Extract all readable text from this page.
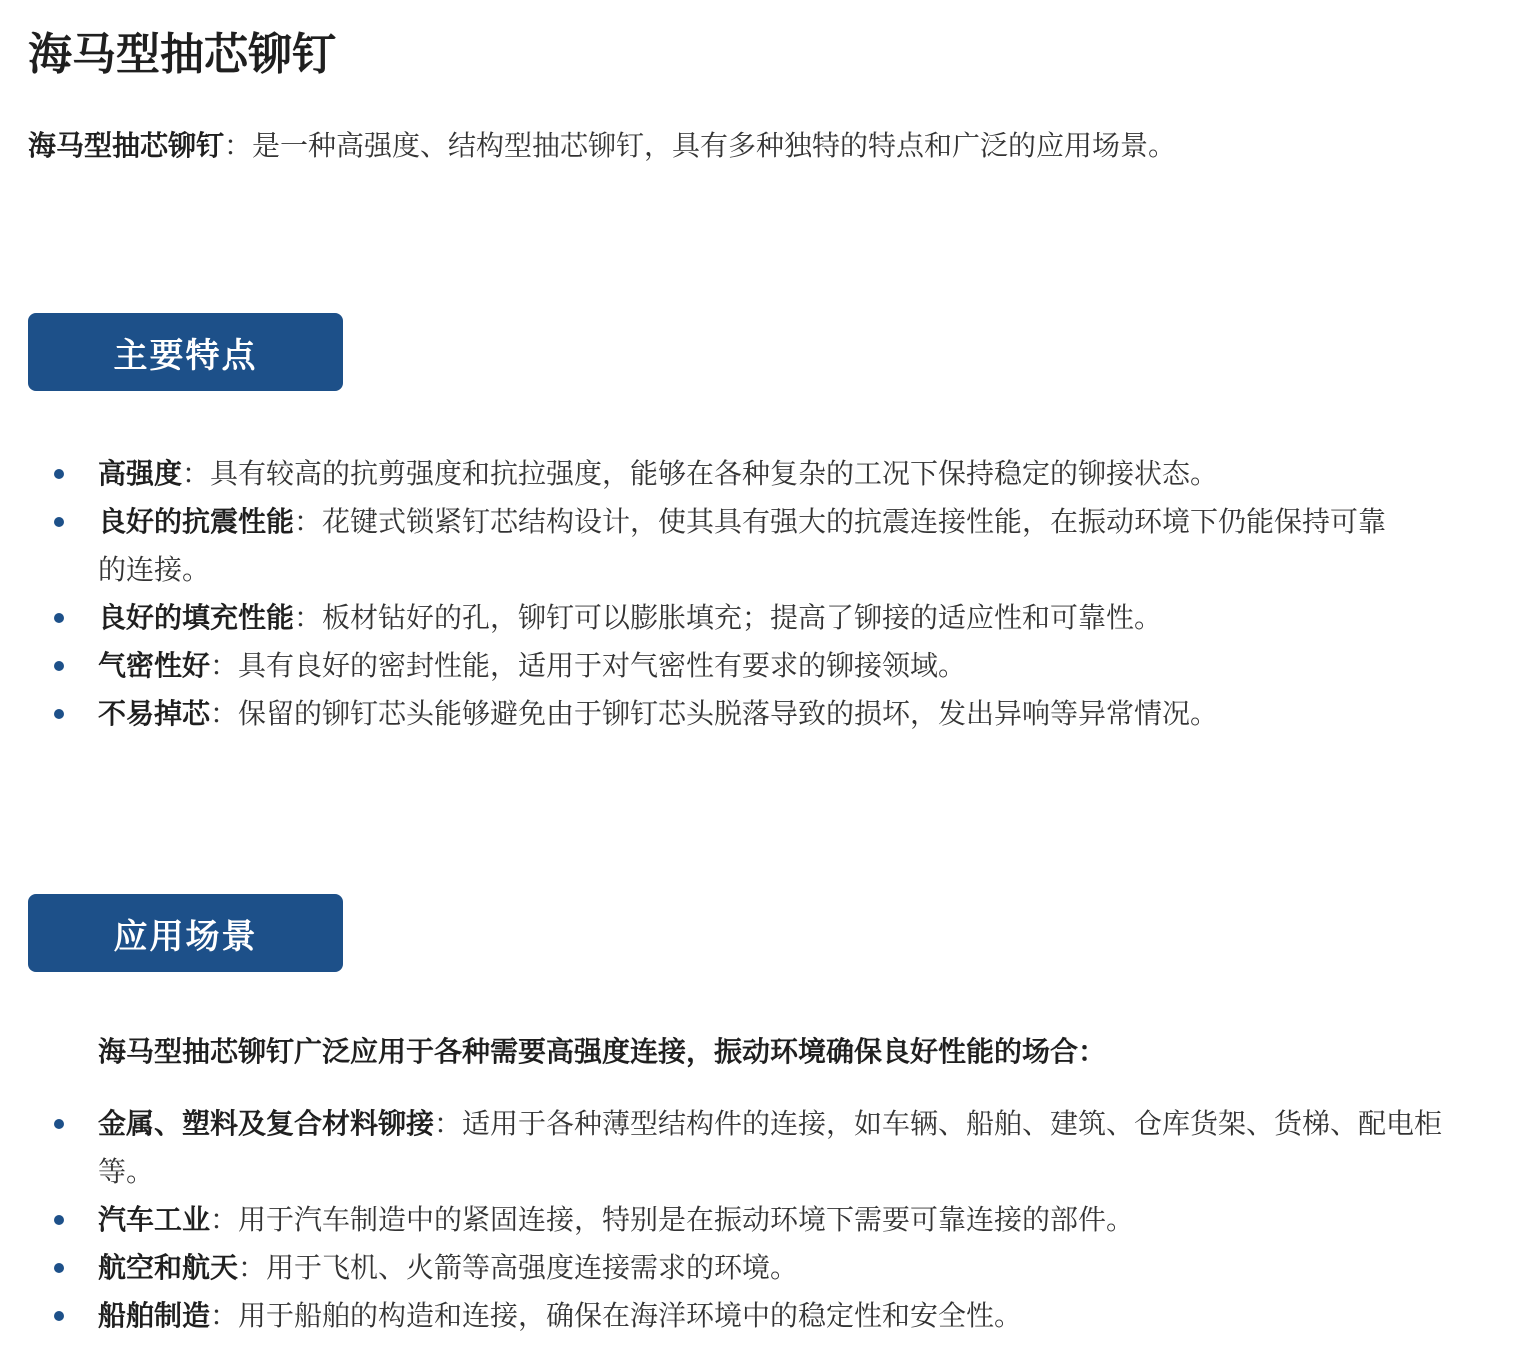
海马型抽芯铆钉

海马型抽芯铆钉：是一种高强度、结构型抽芯铆钉，具有多种独特的特点和广泛的应用场景。

主要特点
高强度：具有较高的抗剪强度和抗拉强度，能够在各种复杂的工况下保持稳定的铆接状态。
良好的抗震性能：花键式锁紧钉芯结构设计，使其具有强大的抗震连接性能，在振动环境下仍能保持可靠的连接。
良好的填充性能：板材钻好的孔，铆钉可以膨胀填充；提高了铆接的适应性和可靠性。
气密性好：具有良好的密封性能，适用于对气密性有要求的铆接领域。
不易掉芯：保留的铆钉芯头能够避免由于铆钉芯头脱落导致的损坏，发出异响等异常情况。
应用场景

海马型抽芯铆钉广泛应用于各种需要高强度连接，振动环境确保良好性能的场合：

金属、塑料及复合材料铆接：适用于各种薄型结构件的连接，如车辆、船舶、建筑、仓库货架、货梯、配电柜等。
汽车工业：用于汽车制造中的紧固连接，特别是在振动环境下需要可靠连接的部件。
航空和航天：用于飞机、火箭等高强度连接需求的环境。
船舶制造：用于船舶的构造和连接，确保在海洋环境中的稳定性和安全性。
